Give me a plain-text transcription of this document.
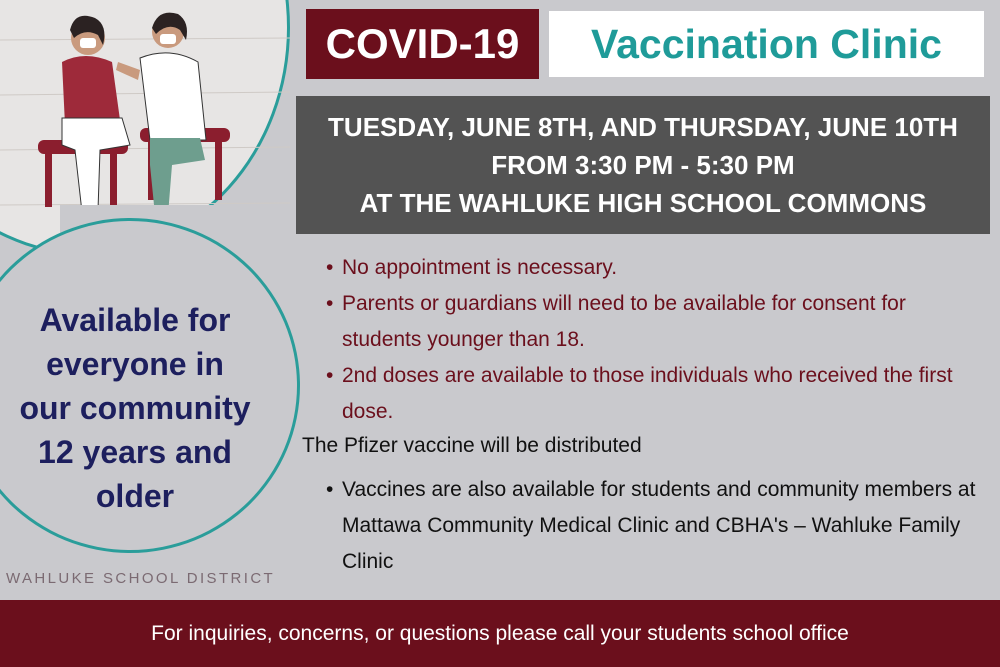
Available for
everyone in
our community
12 years and
older
WAHLUKE SCHOOL DISTRICT
COVID-19	Vaccination Clinic
TUESDAY, JUNE 8TH, AND THURSDAY, JUNE 10TH
FROM 3:30 PM - 5:30 PM
AT THE WAHLUKE HIGH SCHOOL COMMONS
• No appointment is necessary.
• Parents or guardians will need to be available for consent for students younger than 18.
• 2nd doses are available to those individuals who received the first dose.
The Pfizer vaccine will be distributed
• Vaccines are also available for students and community members at Mattawa Community Medical Clinic and CBHA's – Wahluke Family Clinic
For inquiries, concerns, or questions please call your students school office
